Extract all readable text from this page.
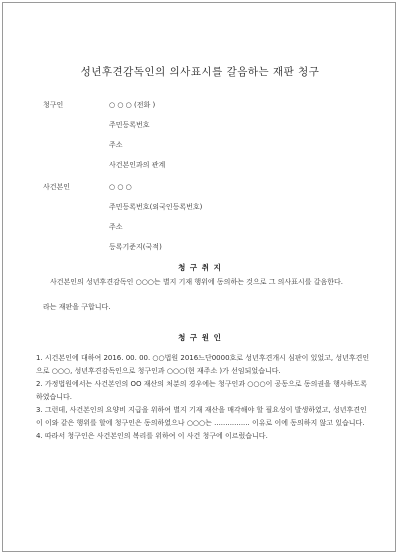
성년후견감독인의 의사표시를 갈음하는 재판 청구
청구인	○ ○ ○ (전화 )
주민등록번호
주소
사건본인과의 관계
사건본인	○ ○ ○
주민등록번호(외국인등록번호)
주소
등록기준지(국적)
청 구 취 지
사건본인의 성년후견감독인 ○○○는 별지 기재 행위에 동의하는 것으로 그 의사표시를 갈음한다.
라는 재판을 구합니다.
청 구 원 인
1. 시건본인에 대하여 2016. 00. 00. ○○법원 2016느단0000호로 성년후견개시 심판이 있었고, 성년후견인으로 ○○○, 성년후견감독인으로 청구인과 ○○○(현 재주소 )가 선임되었습니다.
2. 가정법원에서는 사건본인의 OO 재산의 처분의 경우에는 청구인과 ○○○이 공동으로 동의권을 행사하도록 하였습니다.
3. 그런데, 사건본인의 요양비 지급을 위하여 별지 기재 재산을 매각해야 할 필요성이 발생하였고, 성년후견인이 이와 같은 행위를 할에 청구인은 동의하였으나 ○○○는 ................ 이유로 이에 동의하지 않고 있습니다.
4. 따라서 청구인은 사건본인의 복리를 위하여 이 사건 청구에 이르렀습니다.
